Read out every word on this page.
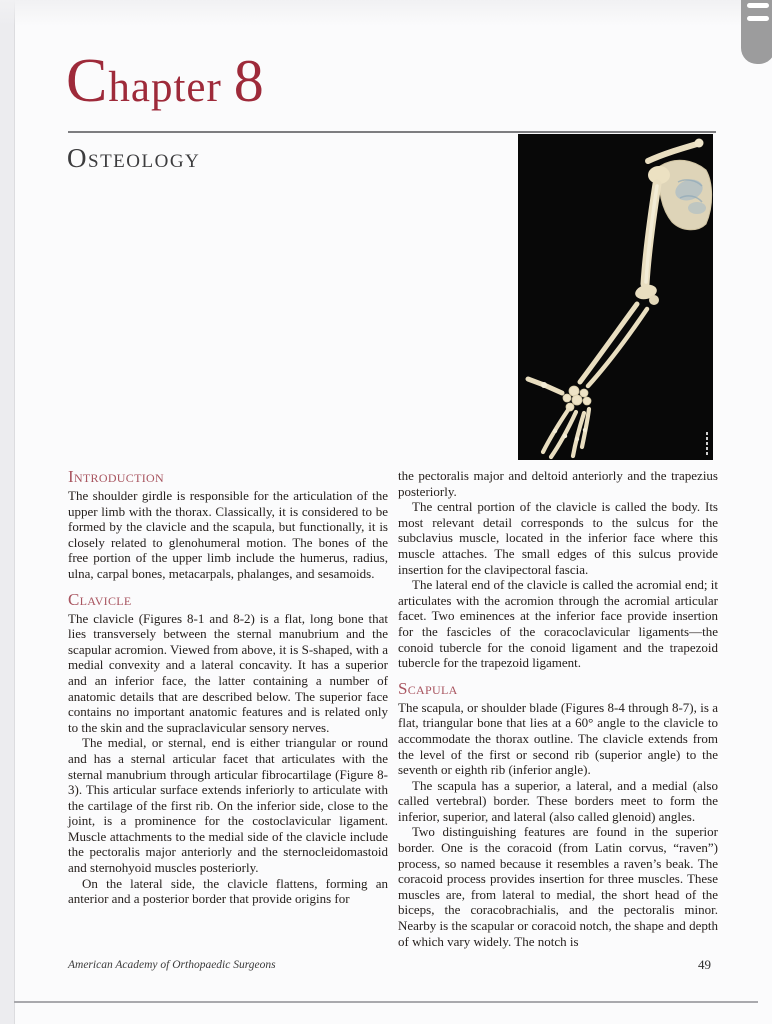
Chapter 8
Osteology
Introduction

The shoulder girdle is responsible for the articulation of the upper limb with the thorax. Classically, it is considered to be formed by the clavicle and the scapula, but functionally, it is closely related to glenohumeral motion. The bones of the free portion of the upper limb include the humerus, radius, ulna, carpal bones, metacarpals, phalanges, and sesamoids.

Clavicle

The clavicle (Figures 8-1 and 8-2) is a flat, long bone that lies transversely between the sternal manubrium and the scapular acromion. Viewed from above, it is S-shaped, with a medial convexity and a lateral concavity. It has a superior and an inferior face, the latter containing a number of anatomic details that are described below. The superior face contains no important anatomic features and is related only to the skin and the supraclavicular sensory nerves.

The medial, or sternal, end is either triangular or round and has a sternal articular facet that articulates with the sternal manubrium through articular fibrocartilage (Figure 8-3). This articular surface extends inferiorly to articulate with the cartilage of the first rib. On the inferior side, close to the joint, is a prominence for the costoclavicular ligament. Muscle attachments to the medial side of the clavicle include the pectoralis major anteriorly and the sternocleidomastoid and sternohyoid muscles posteriorly.

On the lateral side, the clavicle flattens, forming an anterior and a posterior border that provide origins for

the pectoralis major and deltoid anteriorly and the trapezius posteriorly.

The central portion of the clavicle is called the body. Its most relevant detail corresponds to the sulcus for the subclavius muscle, located in the inferior face where this muscle attaches. The small edges of this sulcus provide insertion for the clavipectoral fascia.

The lateral end of the clavicle is called the acromial end; it articulates with the acromion through the acromial articular facet. Two eminences at the inferior face provide insertion for the fascicles of the coracoclavicular ligaments—the conoid tubercle for the conoid ligament and the trapezoid tubercle for the trapezoid ligament.

Scapula

The scapula, or shoulder blade (Figures 8-4 through 8-7), is a flat, triangular bone that lies at a 60° angle to the clavicle to accommodate the thorax outline. The clavicle extends from the level of the first or second rib (superior angle) to the seventh or eighth rib (inferior angle).

The scapula has a superior, a lateral, and a medial (also called vertebral) border. These borders meet to form the inferior, superior, and lateral (also called glenoid) angles.

Two distinguishing features are found in the superior border. One is the coracoid (from Latin corvus, “raven”) process, so named because it resembles a raven’s beak. The coracoid process provides insertion for three muscles. These muscles are, from lateral to medial, the short head of the biceps, the coracobrachialis, and the pectoralis minor. Nearby is the scapular or coracoid notch, the shape and depth of which vary widely. The notch is

American Academy of Orthopaedic Surgeons	49
